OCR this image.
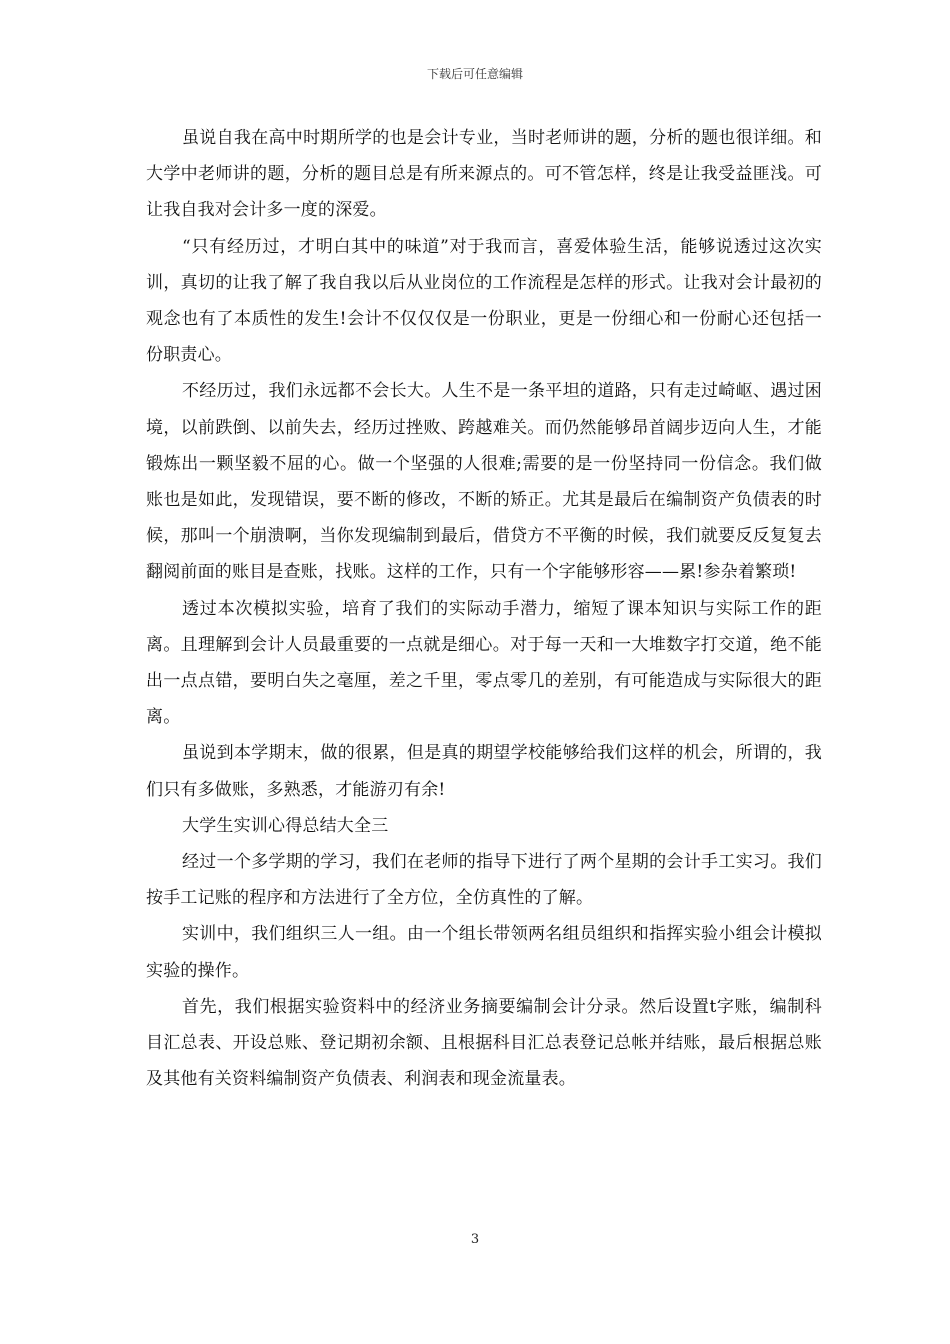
下载后可任意编辑

虽说自我在高中时期所学的也是会计专业，当时老师讲的题，分析的题也很详细。和大学中老师讲的题，分析的题目总是有所来源点的。可不管怎样，终是让我受益匪浅。可让我自我对会计多一度的深爱。

“只有经历过，才明白其中的味道”对于我而言，喜爱体验生活，能够说透过这次实训，真切的让我了解了我自我以后从业岗位的工作流程是怎样的形式。让我对会计最初的观念也有了本质性的发生!会计不仅仅仅是一份职业，更是一份细心和一份耐心还包括一份职责心。

不经历过，我们永远都不会长大。人生不是一条平坦的道路，只有走过崎岖、遇过困境，以前跌倒、以前失去，经历过挫败、跨越难关。而仍然能够昂首阔步迈向人生，才能锻炼出一颗坚毅不屈的心。做一个坚强的人很难;需要的是一份坚持同一份信念。我们做账也是如此，发现错误，要不断的修改，不断的矫正。尤其是最后在编制资产负债表的时候，那叫一个崩溃啊，当你发现编制到最后，借贷方不平衡的时候，我们就要反反复复去翻阅前面的账目是查账，找账。这样的工作，只有一个字能够形容——累!参杂着繁琐!

透过本次模拟实验，培育了我们的实际动手潜力，缩短了课本知识与实际工作的距离。且理解到会计人员最重要的一点就是细心。对于每一天和一大堆数字打交道，绝不能出一点点错，要明白失之毫厘，差之千里，零点零几的差别，有可能造成与实际很大的距离。

虽说到本学期末，做的很累，但是真的期望学校能够给我们这样的机会，所谓的，我们只有多做账，多熟悉，才能游刃有余!

大学生实训心得总结大全三

经过一个多学期的学习，我们在老师的指导下进行了两个星期的会计手工实习。我们按手工记账的程序和方法进行了全方位，全仿真性的了解。

实训中，我们组织三人一组。由一个组长带领两名组员组织和指挥实验小组会计模拟实验的操作。

首先，我们根据实验资料中的经济业务摘要编制会计分录。然后设置t字账，编制科目汇总表、开设总账、登记期初余额、且根据科目汇总表登记总帐并结账，最后根据总账及其他有关资料编制资产负债表、利润表和现金流量表。

3
